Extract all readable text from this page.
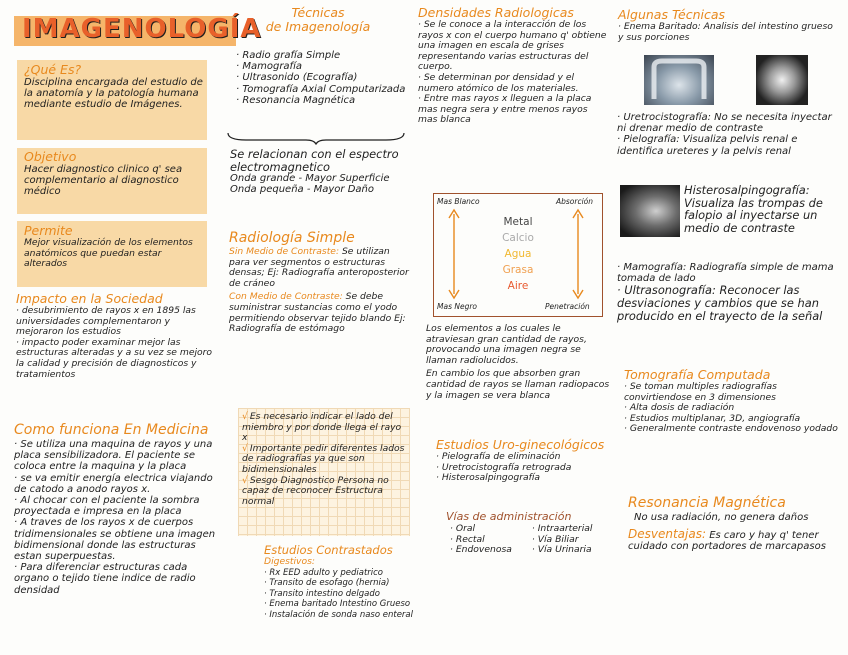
IMAGENOLOGÍA
¿Qué Es?
Disciplina encargada del estudio de la anatomía y la patología humana mediante estudio de Imágenes.
Objetivo
Hacer diagnostico clinico q' sea complementario al diagnostico médico
Permite
Mejor visualización de los elementos anatómicos que puedan estar alterados
Impacto en la Sociedad
· desubrimiento de rayos x en 1895 las universidades complementaron y mejoraron los estudios
· impacto poder examinar mejor las estructuras alteradas y a su vez se mejoro la calidad y precisión de diagnosticos y tratamientos
Como funciona En Medicina
· Se utiliza una maquina de rayos y una placa sensibilizadora. El paciente se coloca entre la maquina y la placa
· se va emitir energía electrica viajando de catodo a anodo rayos x.
· Al chocar con el paciente la sombra proyectada e impresa en la placa
· A traves de los rayos x de cuerpos tridimensionales se obtiene una imagen bidimensional donde las estructuras estan superpuestas.
· Para diferenciar estructuras cada organo o tejido tiene indice de radio densidad
Técnicas
de Imagenología
· Radio grafía Simple
· Mamografía
· Ultrasonido (Ecografía)
· Tomografía Axial Computarizada
· Resonancia Magnética
Se relacionan con el espectro electromagnetico
Onda grande - Mayor Superficie
Onda pequeña - Mayor Daño
Radiología Simple
Sin Medio de Contraste: Se utilizan para ver segmentos o estructuras densas; Ej: Radiografía anteroposterior de cráneo
Con Medio de Contraste: Se debe suministrar sustancias como el yodo permitiendo observar tejido blando Ej: Radiografía de estómago
√ Es necesario indicar el lado del miembro y por donde llega el rayo x
√ Importante pedir diferentes lados de radiografías ya que son bidimensionales
√ Sesgo Diagnostico Persona no capaz de reconocer Estructura normal
Estudios Contrastados
Digestivos:
· Rx EED adulto y pediatrico
· Transito de esofago (hernia)
· Transito intestino delgado
· Enema baritado Intestino Grueso
· Instalación de sonda naso enteral
Densidades Radiologicas
· Se le conoce a la interacción de los rayos x con el cuerpo humano q' obtiene una imagen en escala de grises representando varias estructuras del cuerpo.
· Se determinan por densidad y el numero atómico de los materiales.
· Entre mas rayos x lleguen a la placa mas negra sera y entre menos rayos mas blanca
Mas Blanco	Absorción
Mas Negro	Penetración
Metal
Calcio
Agua
Grasa
Aire
Los elementos a los cuales le atraviesan gran cantidad de rayos, provocando una imagen negra se llaman radiolucidos.
En cambio los que absorben gran cantidad de rayos se llaman radiopacos y la imagen se vera blanca
Estudios Uro-ginecológicos
· Pielografía de eliminación
· Uretrocistografía retrograda
· Histerosalpingografía
Vías de administración
· Oral
· Rectal
· Endovenosa
· Intraarterial
· Vía Biliar
· Vía Urinaria
Algunas Técnicas
· Enema Baritado: Analisis del intestino grueso y sus porciones
· Uretrocistografía: No se necesita inyectar ni drenar medio de contraste
· Pielografía: Visualiza pelvis renal e identifica ureteres y la pelvis renal
Histerosalpingografía: Visualiza las trompas de falopio al inyectarse un medio de contraste
· Mamografía: Radiografía simple de mama tomada de lado
· Ultrasonografía: Reconocer las desviaciones y cambios que se han producido en el trayecto de la señal
Tomografía Computada
· Se toman multiples radiografías convirtiendose en 3 dimensiones
· Alta dosis de radiación
· Estudios multiplanar, 3D, angiografía
· Generalmente contraste endovenoso yodado
Resonancia Magnética
No usa radiación, no genera daños
Desventajas: Es caro y hay q' tener cuidado con portadores de marcapasos
